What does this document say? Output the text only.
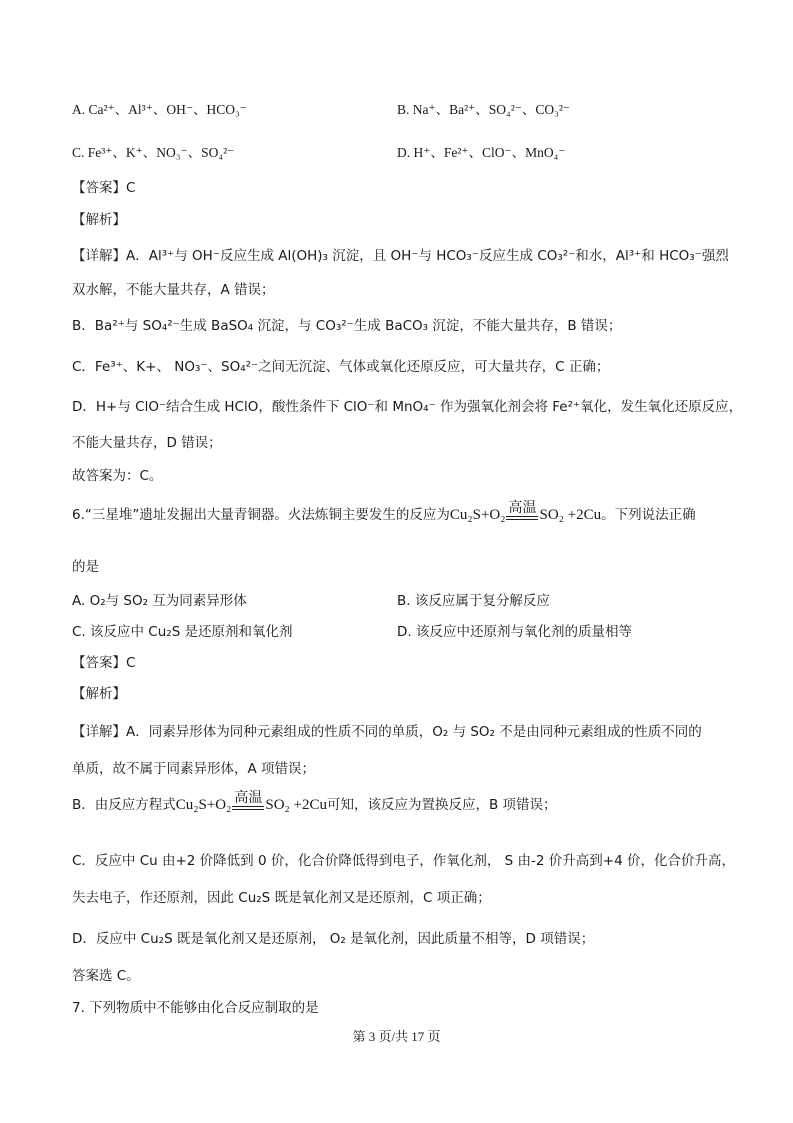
A. Ca²⁺、Al³⁺、OH⁻、HCO₃⁻	B. Na⁺、Ba²⁺、SO₄²⁻、CO₃²⁻
C. Fe³⁺、K⁺、NO₃⁻、SO₄²⁻	D. H⁺、Fe²⁺、ClO⁻、MnO₄⁻
【答案】C
【解析】
【详解】A．Al³⁺与 OH⁻反应生成 Al(OH)₃ 沉淀，且 OH⁻与 HCO₃⁻反应生成 CO₃²⁻和水，Al³⁺和 HCO₃⁻强烈
双水解，不能大量共存，A 错误；
B．Ba²⁺与 SO₄²⁻生成 BaSO₄ 沉淀，与 CO₃²⁻生成 BaCO₃ 沉淀，不能大量共存，B 错误；
C．Fe³⁺、K+、 NO₃⁻、SO₄²⁻之间无沉淀、气体或氧化还原反应，可大量共存，C 正确；
D．H+与 ClO⁻结合生成 HClO，酸性条件下 ClO⁻和 MnO₄⁻ 作为强氧化剂会将 Fe²⁺氧化，发生氧化还原反应，
不能大量共存，D 错误；
故答案为：C。
6.“三星堆”遗址发掘出大量青铜器。火法炼铜主要发生的反应为Cu₂S+O₂ 高温 SO₂ +2Cu。下列说法正确
的是
A. O₂与 SO₂ 互为同素异形体	B. 该反应属于复分解反应
C. 该反应中 Cu₂S 是还原剂和氧化剂	D. 该反应中还原剂与氧化剂的质量相等
【答案】C
【解析】
【详解】A．同素异形体为同种元素组成的性质不同的单质，O₂ 与 SO₂ 不是由同种元素组成的性质不同的
单质，故不属于同素异形体，A 项错误；
B．由反应方程式Cu₂S+O₂ 高温 SO₂ +2Cu可知，该反应为置换反应，B 项错误；
C．反应中 Cu 由+2 价降低到 0 价，化合价降低得到电子，作氧化剂， S 由-2 价升高到+4 价，化合价升高，
失去电子，作还原剂，因此 Cu₂S 既是氧化剂又是还原剂，C 项正确；
D．反应中 Cu₂S 既是氧化剂又是还原剂， O₂ 是氧化剂，因此质量不相等，D 项错误；
答案选 C。
7. 下列物质中不能够由化合反应制取的是
第 3 页/共 17 页
